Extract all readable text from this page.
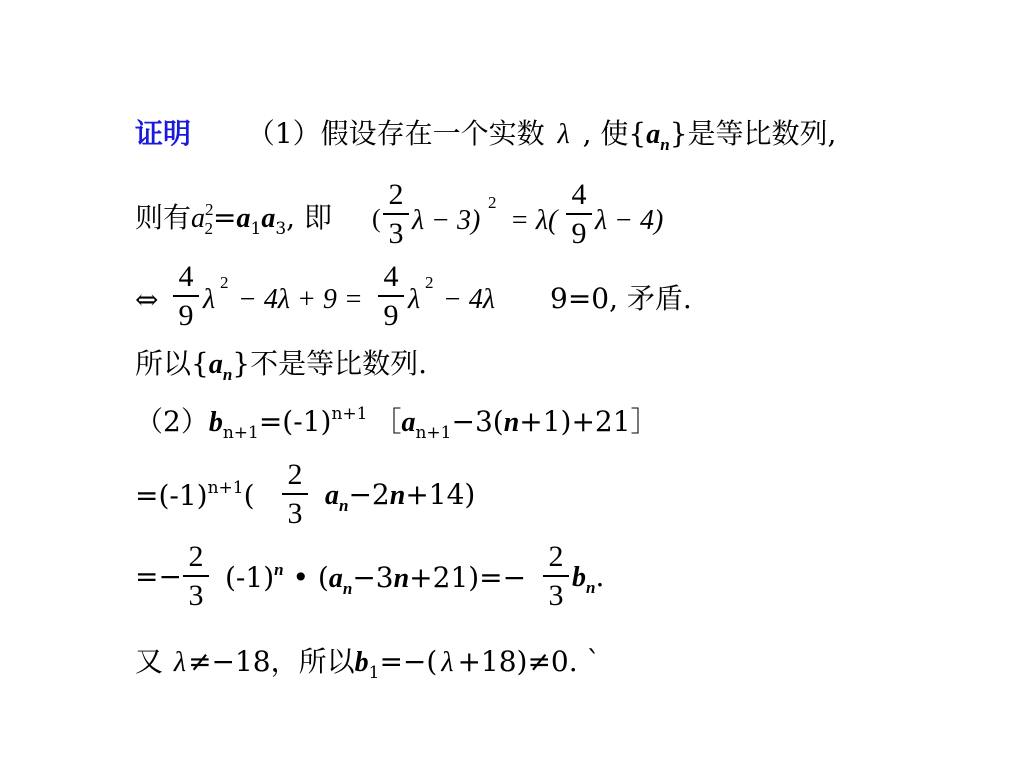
证明 （1）假设存在一个实数 λ , 使$\{a_n\}$是等比数列,
则有$a^2_2=a_1a_3$, 即 (
2
3 λ − 3)
2
= λ(
4
9 λ − 4)
⇔
4
9 λ
2
− 4λ + 9 =
4
9 λ
2
− 4λ 9=0, 矛盾.
所以$\{a_n\}$不是等比数列.
$(2)b_{n+1}=(-1)^{n+1}$ $[a_{n+1}-3(n+1)+21]$
$=(-1)^{n+1}$(
2
3
$a_n-2n+14$)
=−
2
3
$(-1)^n$ • $(a_n-3n+21)=-$
2
3
$b_n$.
又 λ≠−18，所以$b_1=-$( λ +18)≠0. `
